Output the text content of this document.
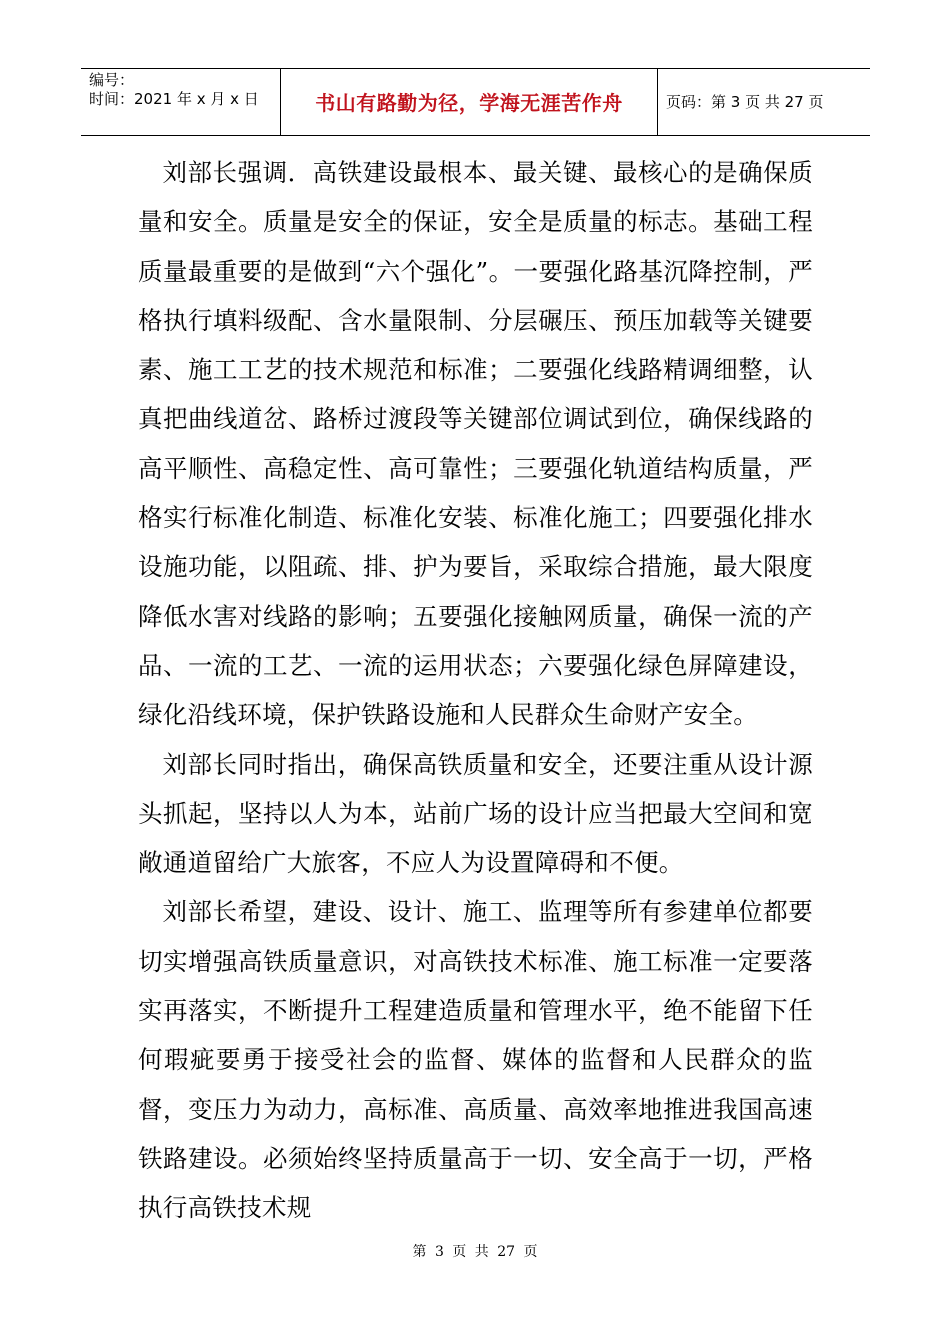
编号：
时间：2021 年 x 月 x 日	书山有路勤为径，学海无涯苦作舟	页码：第 3 页 共 27 页

刘部长强调．高铁建设最根本、最关键、最核心的是确保质量和安全。质量是安全的保证，安全是质量的标志。基础工程质量最重要的是做到“六个强化”。一要强化路基沉降控制，严格执行填料级配、含水量限制、分层碾压、预压加载等关键要素、施工工艺的技术规范和标准；二要强化线路精调细整，认真把曲线道岔、路桥过渡段等关键部位调试到位，确保线路的高平顺性、高稳定性、高可靠性；三要强化轨道结构质量，严格实行标准化制造、标准化安装、标准化施工；四要强化排水设施功能，以阻疏、排、护为要旨，采取综合措施，最大限度降低水害对线路的影响；五要强化接触网质量，确保一流的产品、一流的工艺、一流的运用状态；六要强化绿色屏障建设，绿化沿线环境，保护铁路设施和人民群众生命财产安全。

刘部长同时指出，确保高铁质量和安全，还要注重从设计源头抓起，坚持以人为本，站前广场的设计应当把最大空间和宽敞通道留给广大旅客，不应人为设置障碍和不便。

刘部长希望，建设、设计、施工、监理等所有参建单位都要切实增强高铁质量意识，对高铁技术标准、施工标准一定要落实再落实，不断提升工程建造质量和管理水平，绝不能留下任何瑕疵要勇于接受社会的监督、媒体的监督和人民群众的监督，变压力为动力，高标准、高质量、高效率地推进我国高速铁路建设。必须始终坚持质量高于一切、安全高于一切，严格执行高铁技术规

第 3 页 共 27 页
